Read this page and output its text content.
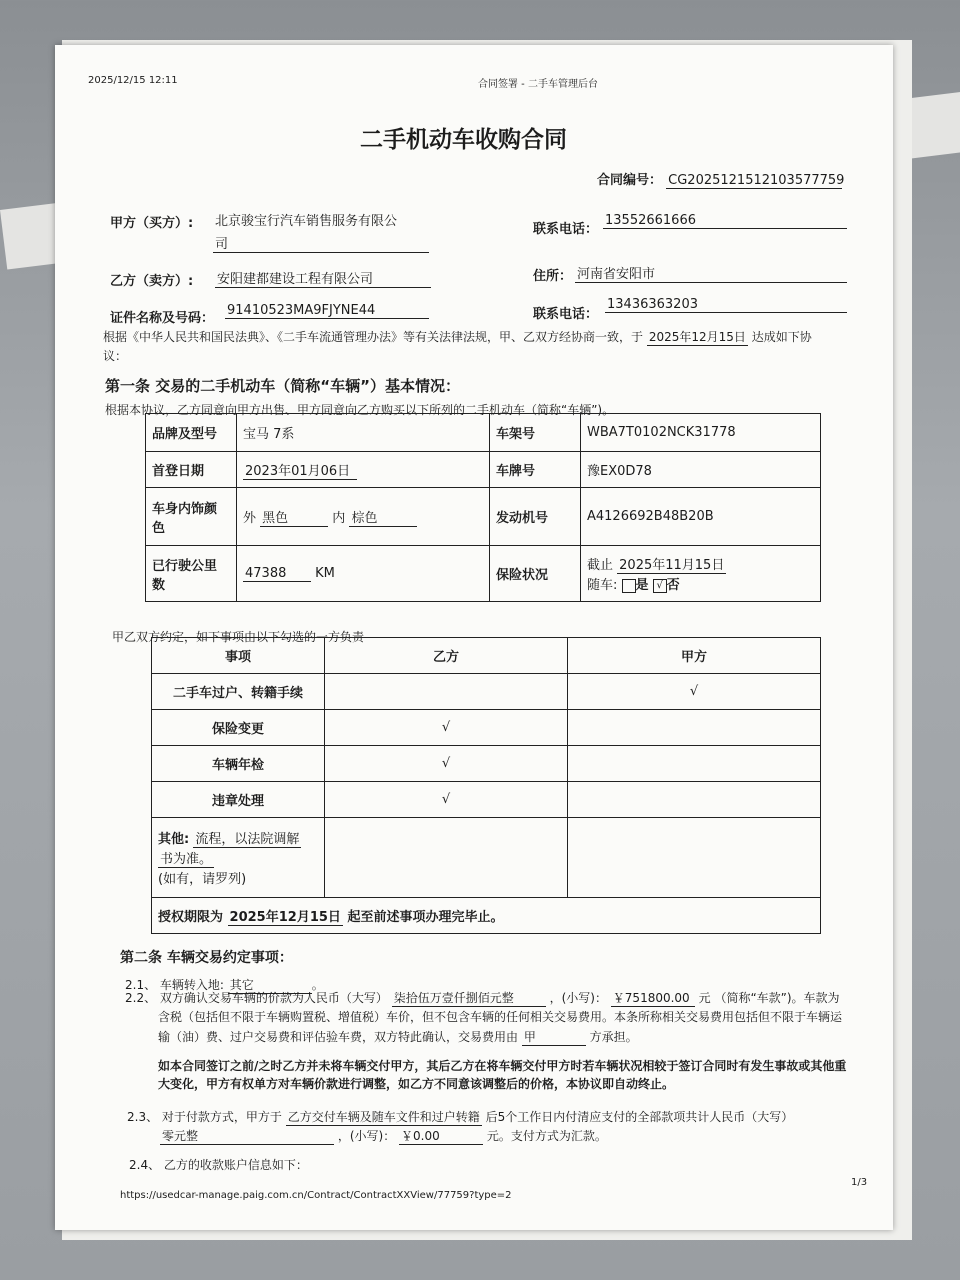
2025/12/15 12:11	合同签署 - 二手车管理后台
二手机动车收购合同
合同编号： CG2025121512103577759
甲方（买方）: 北京骏宝行汽车销售服务有限公
司
联系电话：
13552661666
乙方（卖方）: 安阳建都建设工程有限公司	住所： 河南省安阳市
证件名称及号码：
91410523MA9FJYNE44	联系电话：
13436363203
根据《中华人民共和国民法典》、《二手车流通管理办法》等有关法律法规，甲、乙双方经协商一致，于 2025年12月15日 达成如下协
议：
第一条 交易的二手机动车（简称“车辆”）基本情况：
根据本协议，乙方同意向甲方出售、甲方同意向乙方购买以下所列的二手机动车（简称“车辆”)。
品牌及型号	宝马 7系	车架号	WBA7T0102NCK31778
首登日期	2023年01月06日	车牌号	豫EX0D78
车身内饰颜
色	外 黑色 内 棕色	发动机号	A4126692B48B20B
已行驶公里
数	47388 KM	保险状况	截止 2025年11月15日
随车: 是 √ 否
甲乙双方约定，如下事项由以下勾选的一方负责
事项	乙方	甲方
二手车过户、转籍手续		√
保险变更	√	
车辆年检	√	
违章处理	√	
其他: 流程，以法院调解
书为准。
(如有，请罗列)		
授权期限为 2025年12月15日 起至前述事项办理完毕止。		
第二条 车辆交易约定事项：
2.1、 车辆转入地: 其它	。
2.2、 双方确认交易车辆的价款为人民币（大写） 柒拾伍万壹仟捌佰元整	，(小写)： ￥751800.00 元 （简称“车款”)。车款为
含税（包括但不限于车辆购置税、增值税）车价，但不包含车辆的任何相关交易费用。本条所称相关交易费用包括但不限于车辆运
输（油）费、过户交易费和评估验车费，双方特此确认，交易费用由 甲	方承担。
如本合同签订之前/之时乙方并未将车辆交付甲方，其后乙方在将车辆交付甲方时若车辆状况相较于签订合同时有发生事故或其他重
大变化，甲方有权单方对车辆价款进行调整，如乙方不同意该调整后的价格，本协议即自动终止。
2.3、 对于付款方式，甲方于 乙方交付车辆及随车文件和过户转籍 后5个工作日内付清应支付的全部款项共计人民币（大写）
零元整	，(小写)： ￥0.00	元。支付方式为汇款。
2.4、 乙方的收款账户信息如下：
https://usedcar-manage.paig.com.cn/Contract/ContractXXView/77759?type=2
1/3
